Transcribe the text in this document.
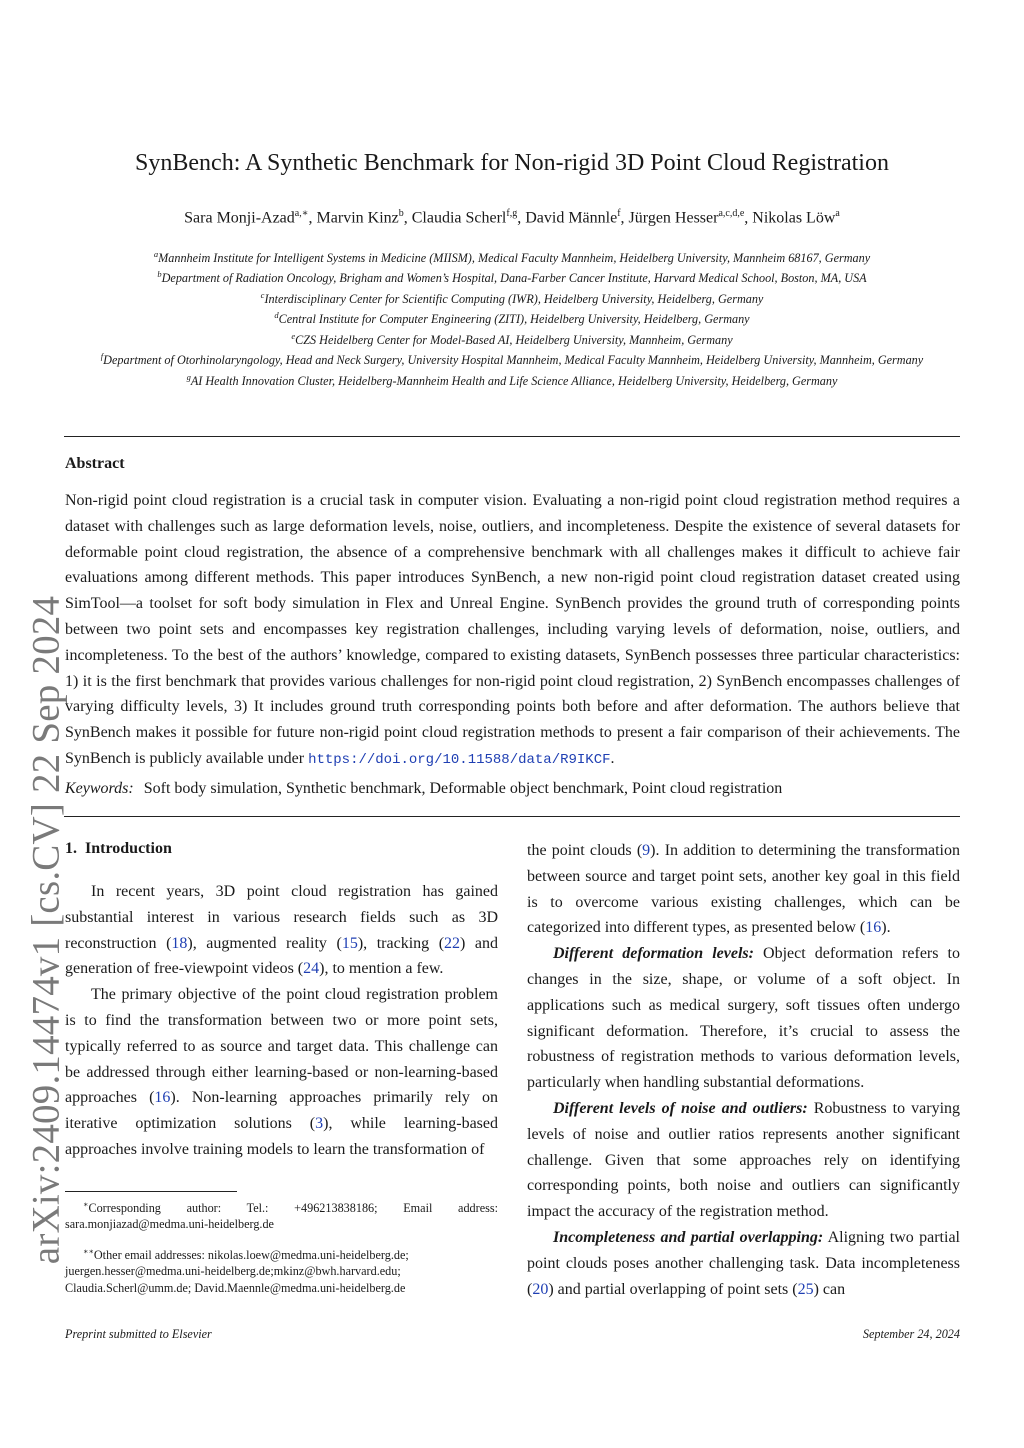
SynBench: A Synthetic Benchmark for Non-rigid 3D Point Cloud Registration
Sara Monji-Azad$^{a,∗}$, Marvin Kinz$^b$, Claudia Scherl$^{f,g}$, David Männle$^f$, Jürgen Hesser$^{a,c,d,e}$, Nikolas Löw$^a$
$^a$Mannheim Institute for Intelligent Systems in Medicine (MIISM), Medical Faculty Mannheim, Heidelberg University, Mannheim 68167, Germany
$^b$Department of Radiation Oncology, Brigham and Women’s Hospital, Dana-Farber Cancer Institute, Harvard Medical School, Boston, MA, USA
$^c$Interdisciplinary Center for Scientific Computing (IWR), Heidelberg University, Heidelberg, Germany
$^d$Central Institute for Computer Engineering (ZITI), Heidelberg University, Heidelberg, Germany
$^e$CZS Heidelberg Center for Model-Based AI, Heidelberg University, Mannheim, Germany
$^f$Department of Otorhinolaryngology, Head and Neck Surgery, University Hospital Mannheim, Medical Faculty Mannheim, Heidelberg University, Mannheim, Germany
$^g$AI Health Innovation Cluster, Heidelberg-Mannheim Health and Life Science Alliance, Heidelberg University, Heidelberg, Germany
arXiv:2409.14474v1 [cs.CV] 22 Sep 2024
Abstract
Non-rigid point cloud registration is a crucial task in computer vision. Evaluating a non-rigid point cloud registration method requires a dataset with challenges such as large deformation levels, noise, outliers, and incompleteness. Despite the existence of several datasets for deformable point cloud registration, the absence of a comprehensive benchmark with all challenges makes it difficult to achieve fair evaluations among different methods. This paper introduces SynBench, a new non-rigid point cloud registration dataset created using SimTool—a toolset for soft body simulation in Flex and Unreal Engine. SynBench provides the ground truth of corresponding points between two point sets and encompasses key registration challenges, including varying levels of deformation, noise, outliers, and incompleteness. To the best of the authors’ knowledge, compared to existing datasets, SynBench possesses three particular characteristics: 1) it is the first benchmark that provides various challenges for non-rigid point cloud registration, 2) SynBench encompasses challenges of varying difficulty levels, 3) It includes ground truth corresponding points both before and after deformation. The authors believe that SynBench makes it possible for future non-rigid point cloud registration methods to present a fair comparison of their achievements. The SynBench is publicly available under https://doi.org/10.11588/data/R9IKCF.
Keywords: Soft body simulation, Synthetic benchmark, Deformable object benchmark, Point cloud registration
1. Introduction

In recent years, 3D point cloud registration has gained substantial interest in various research fields such as 3D reconstruction (18), augmented reality (15), tracking (22) and generation of free-viewpoint videos (24), to mention a few.

The primary objective of the point cloud registration problem is to find the transformation between two or more point sets, typically referred to as source and target data. This challenge can be addressed through either learning-based or non-learning-based approaches (16). Non-learning approaches primarily rely on iterative optimization solutions (3), while learning-based approaches involve training models to learn the transformation of

the point clouds (9). In addition to determining the transformation between source and target point sets, another key goal in this field is to overcome various existing challenges, which can be categorized into different types, as presented below (16).

Different deformation levels: Object deformation refers to changes in the size, shape, or volume of a soft object. In applications such as medical surgery, soft tissues often undergo significant deformation. Therefore, it’s crucial to assess the robustness of registration methods to various deformation levels, particularly when handling substantial deformations.

Different levels of noise and outliers: Robustness to varying levels of noise and outlier ratios represents another significant challenge. Given that some approaches rely on identifying corresponding points, both noise and outliers can significantly impact the accuracy of the registration method.

Incompleteness and partial overlapping: Aligning two partial point clouds poses another challenging task. Data incompleteness (20) and partial overlapping of point sets (25) can

∗Corresponding author: Tel.: +496213838186; Email address: sara.monjiazad@medma.uni-heidelberg.de

∗∗Other email addresses: nikolas.loew@medma.uni-heidelberg.de; juergen.hesser@medma.uni-heidelberg.de;mkinz@bwh.harvard.edu; Claudia.Scherl@umm.de; David.Maennle@medma.uni-heidelberg.de

Preprint submitted to Elsevier	September 24, 2024
